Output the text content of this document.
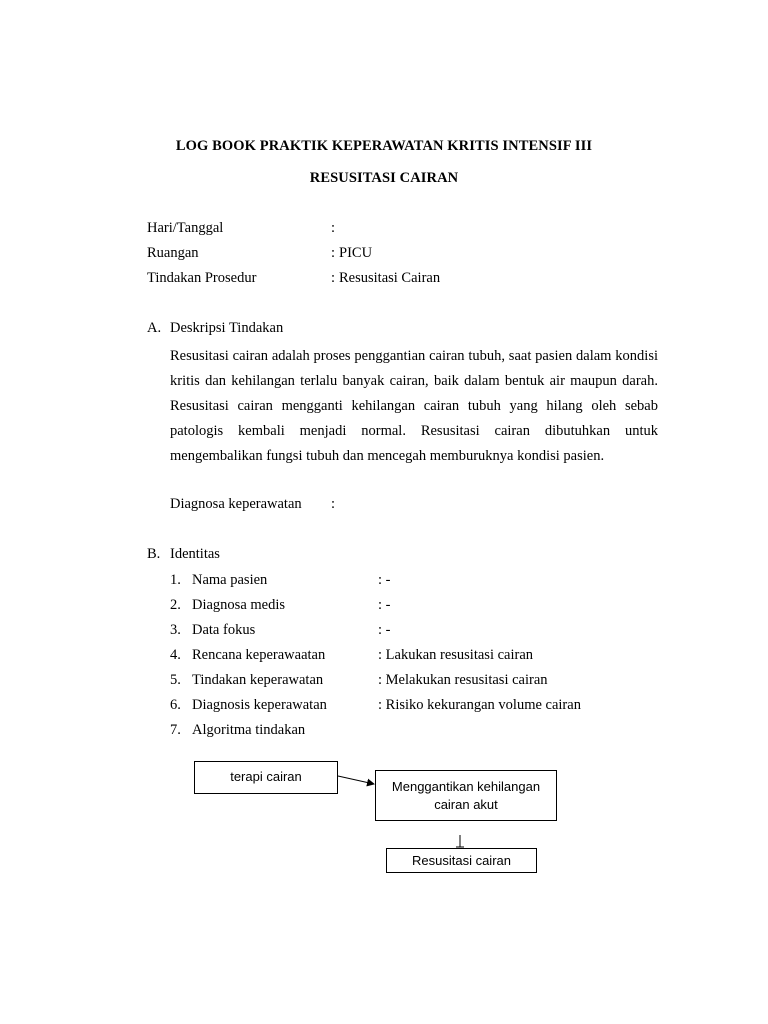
LOG BOOK PRAKTIK KEPERAWATAN KRITIS INTENSIF III
RESUSITASI CAIRAN
Hari/Tanggal	:
Ruangan	: PICU
Tindakan Prosedur	: Resusitasi Cairan
A. Deskripsi Tindakan
Resusitasi cairan adalah proses penggantian cairan tubuh, saat pasien dalam kondisi kritis dan kehilangan terlalu banyak cairan, baik dalam bentuk air maupun darah. Resusitasi cairan mengganti kehilangan cairan tubuh yang hilang oleh sebab patologis kembali menjadi normal. Resusitasi cairan dibutuhkan untuk mengembalikan fungsi tubuh dan mencegah memburuknya kondisi pasien.
Diagnosa keperawatan :
B. Identitas
1. Nama pasien	: -
2. Diagnosa medis	: -
3. Data fokus	: -
4. Rencana keperawaatan	: Lakukan resusitasi cairan
5. Tindakan keperawatan	: Melakukan resusitasi cairan
6. Diagnosis keperawatan	: Risiko kekurangan volume cairan
7. Algoritma tindakan
terapi cairan
Menggantikan kehilangan
cairan akut
Resusitasi cairan
